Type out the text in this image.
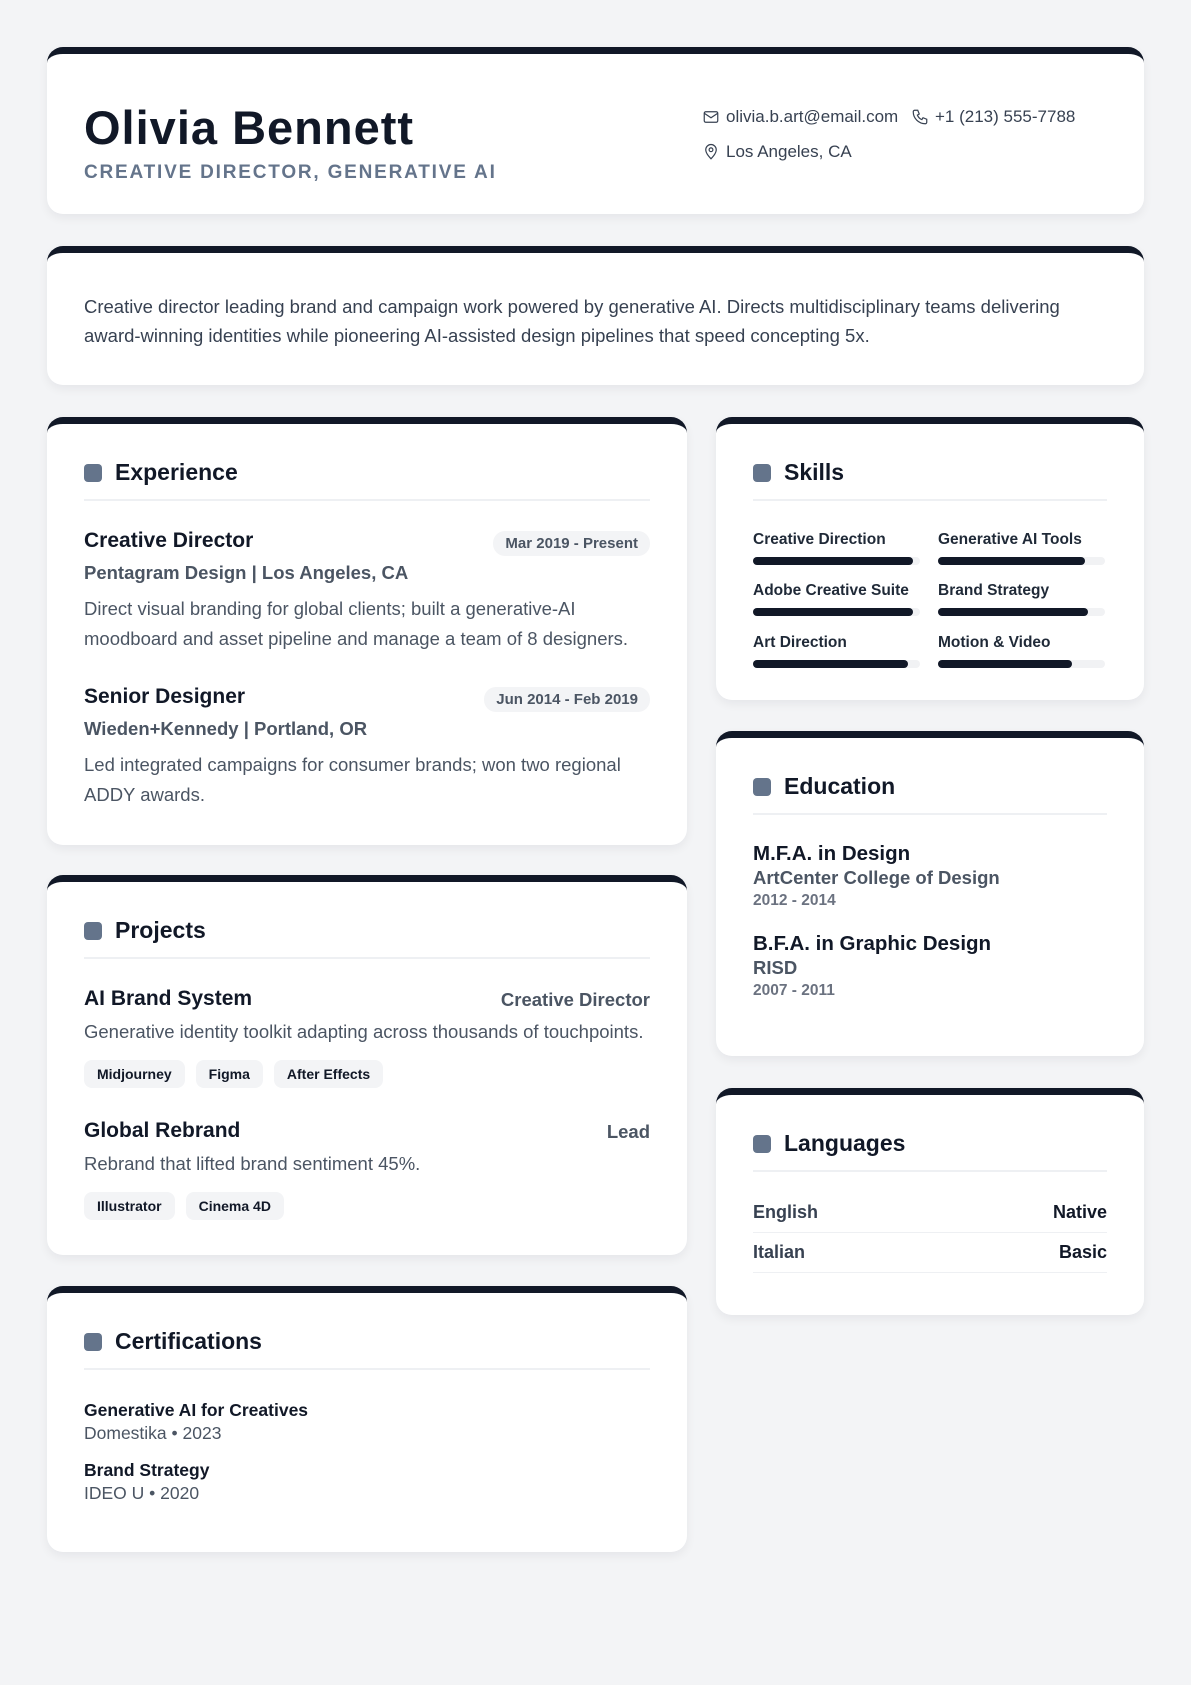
Olivia Bennett
CREATIVE DIRECTOR, GENERATIVE AI
olivia.b.art@email.com +1 (213) 555-7788
Los Angeles, CA
Creative director leading brand and campaign work powered by generative AI. Directs multidisciplinary teams delivering award-winning identities while pioneering AI-assisted design pipelines that speed concepting 5x.
Experience
Creative Director	Mar 2019 - Present
Pentagram Design | Los Angeles, CA
Direct visual branding for global clients; built a generative-AI moodboard and asset pipeline and manage a team of 8 designers.
Senior Designer	Jun 2014 - Feb 2019
Wieden+Kennedy | Portland, OR
Led integrated campaigns for consumer brands; won two regional ADDY awards.
Projects
AI Brand System	Creative Director
Generative identity toolkit adapting across thousands of touchpoints.
Midjourney	Figma	After Effects
Global Rebrand	Lead
Rebrand that lifted brand sentiment 45%.
Illustrator	Cinema 4D
Certifications
Generative AI for Creatives
Domestika • 2023
Brand Strategy
IDEO U • 2020
Skills
Creative Direction	Generative AI Tools
Adobe Creative Suite	Brand Strategy
Art Direction	Motion & Video
Education
M.F.A. in Design
ArtCenter College of Design
2012 - 2014
B.F.A. in Graphic Design
RISD
2007 - 2011
Languages
English	Native
Italian	Basic
